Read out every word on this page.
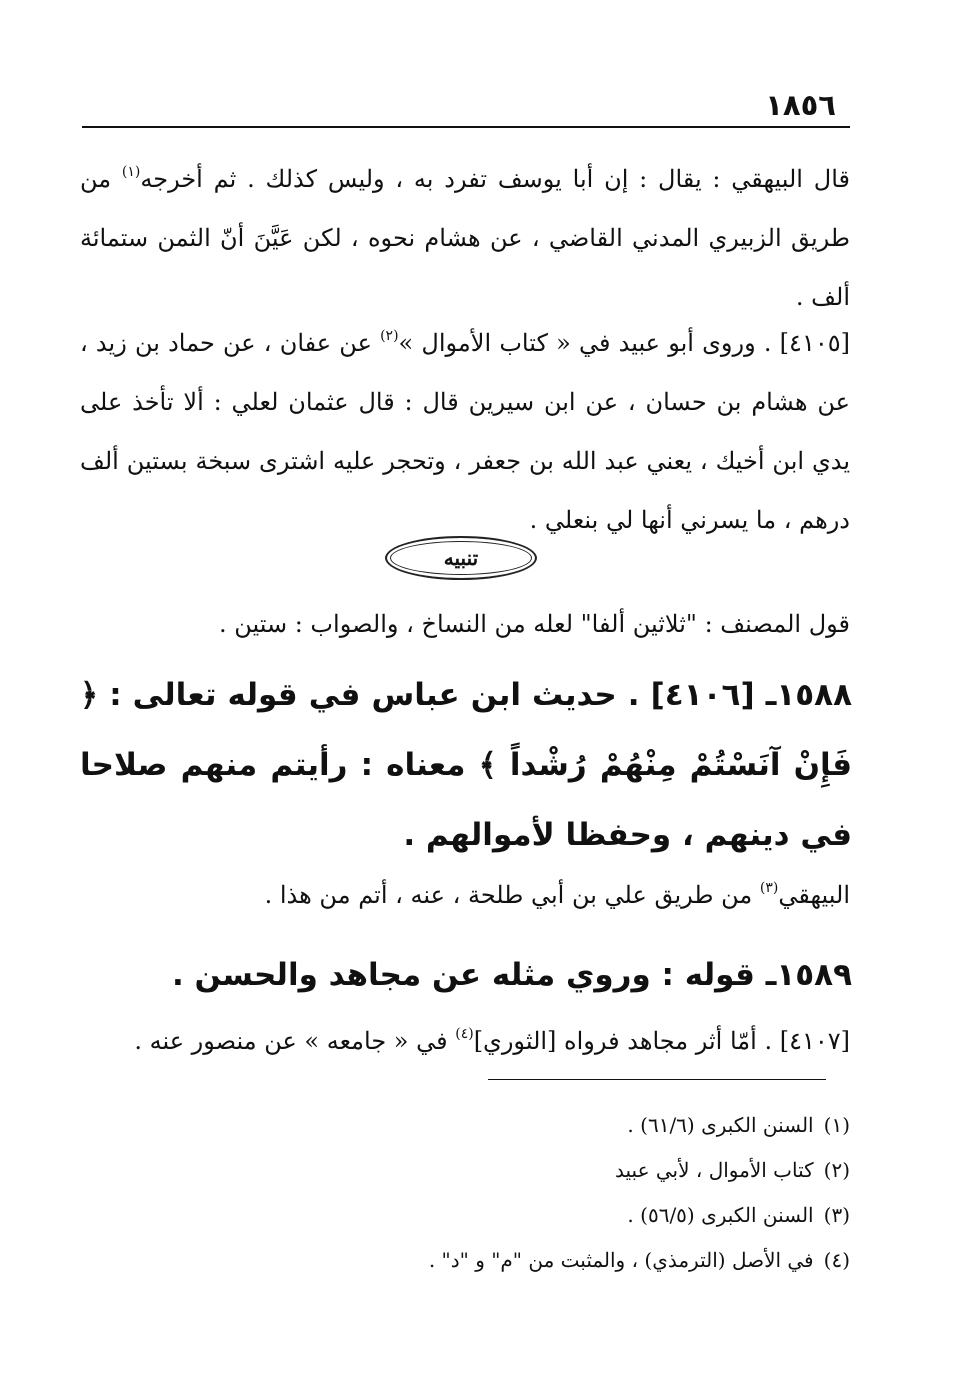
١٨٥٦

قال البيهقي : يقال : إن أبا يوسف تفرد به ، وليس كذلك . ثم أخرجه$^{(١)}$ من طريق الزبيري المدني القاضي ، عن هشام نحوه ، لكن عَيَّنَ أنّ الثمن ستمائة ألف .

[٤١٠٥] . وروى أبو عبيد في « كتاب الأموال »$^{(٢)}$ عن عفان ، عن حماد بن زيد ، عن هشام بن حسان ، عن ابن سيرين قال : قال عثمان لعلي : ألا تأخذ على يدي ابن أخيك ، يعني عبد الله بن جعفر ، وتحجر عليه اشترى سبخة بستين ألف درهم ، ما يسرني أنها لي بنعلي .

تنبيه

قول المصنف : "ثلاثين ألفا" لعله من النساخ ، والصواب : ستين .

١٥٨٨ـ [٤١٠٦] . حديث ابن عباس في قوله تعالى : ﴿ فَإِنْ آنَسْتُمْ مِنْهُمْ رُشْداً ﴾ معناه : رأيتم منهم صلاحا في دينهم ، وحفظا لأموالهم .

البيهقي$^{(٣)}$ من طريق علي بن أبي طلحة ، عنه ، أتم من هذا .

١٥٨٩ـ قوله : وروي مثله عن مجاهد والحسن .

[٤١٠٧] . أمّا أثر مجاهد فرواه [الثوري]$^{(٤)}$ في « جامعه » عن منصور عنه .

(١)السنن الكبرى (٦١/٦) .
(٢)كتاب الأموال ، لأبي عبيد
(٣)السنن الكبرى (٥٦/٥) .
(٤)في الأصل (الترمذي) ، والمثبت من "م" و "د" .
